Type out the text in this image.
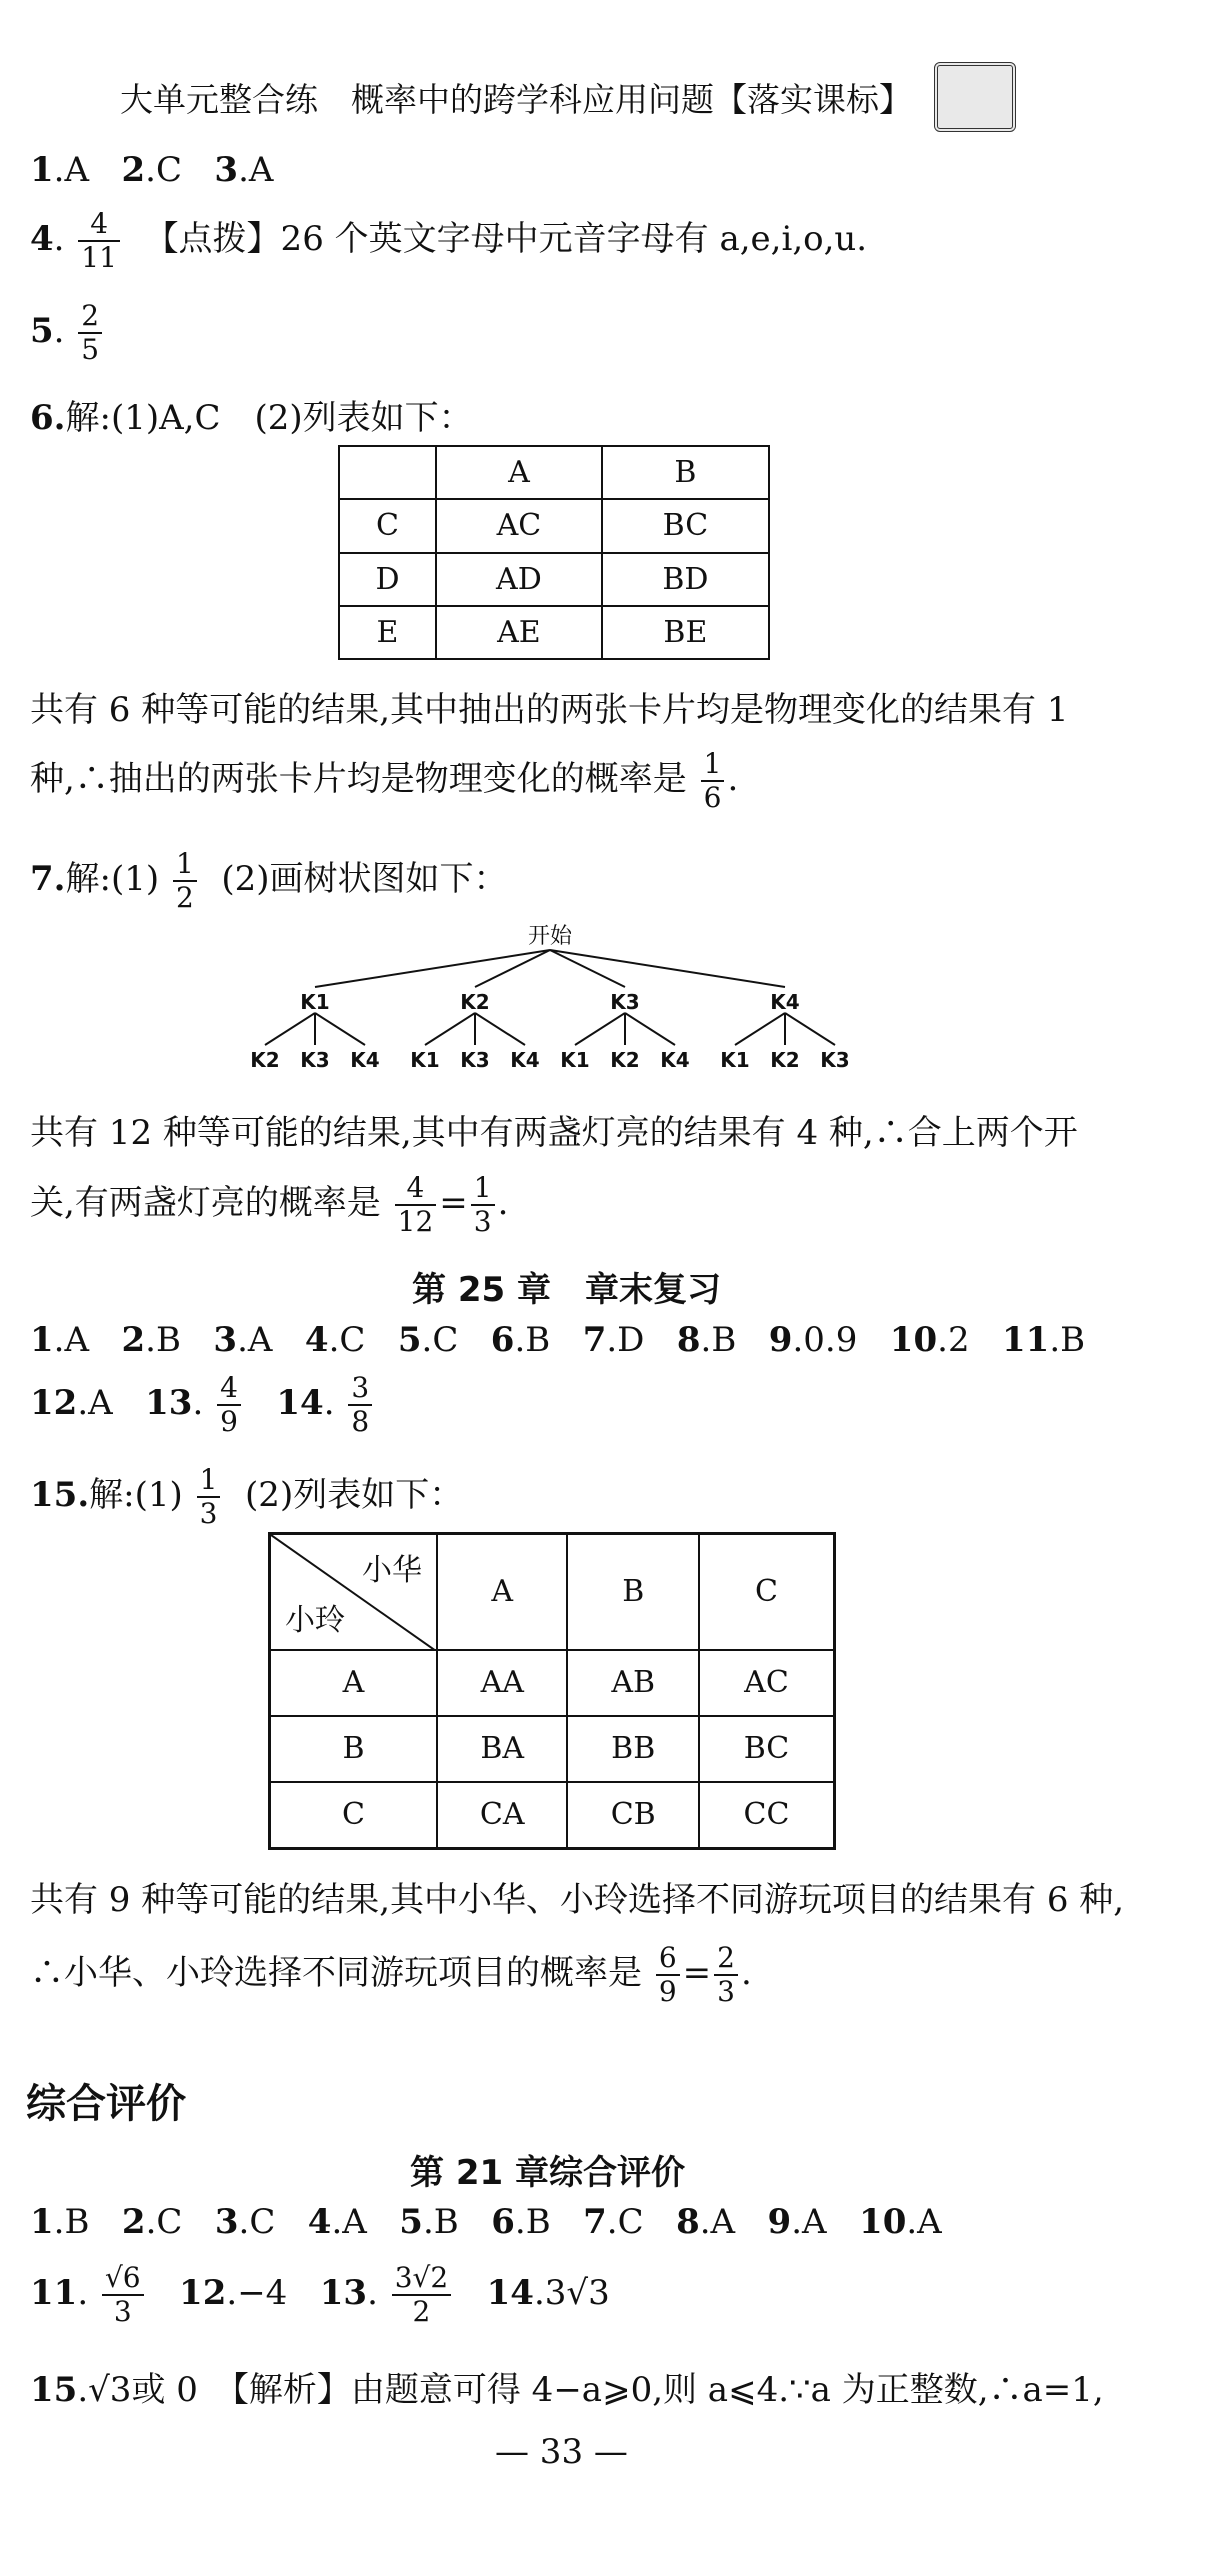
大单元整合练　概率中的跨学科应用问题【落实课标】
1.A 2.C 3.A
4. $\frac{4}{11}$ 【点拨】26 个英文字母中元音字母有 a,e,i,o,u.
5. $\frac{2}{5}$
6.解:(1)A,C　(2)列表如下：
	A	B
C	AC	BC
D	AD	BD
E	AE	BE
共有 6 种等可能的结果,其中抽出的两张卡片均是物理变化的结果有 1
种,∴抽出的两张卡片均是物理变化的概率是 $\frac{1}{6}$ .
7.解:(1) $\frac{1}{2} (2)$画树状图如下：
开始
K1	K2	K3	K4
K2 K3 K4 K1 K3 K4 K1 K2 K4 K1 K2 K3
共有 12 种等可能的结果,其中有两盏灯亮的结果有 4 种,∴合上两个开
关,有两盏灯亮的概率是 $\frac{4}{12} = \frac{1}{3}$ .
第 25 章　章末复习
1.A 2.B 3.A 4.C 5.C 6.B 7.D 8.B 9.0.9 10.2 11.B
12.A 13. $\frac{4}{9} 14$. $\frac{3}{8}$
15.解:(1) $\frac{1}{3} (2)$列表如下：
小华
小玲	A	B	C
A	AA	AB	AC
B	BA	BB	BC
C	CA	CB	CC
共有 9 种等可能的结果,其中小华、小玲选择不同游玩项目的结果有 6 种,
∴小华、小玲选择不同游玩项目的概率是 $\frac{6}{9} = \frac{2}{3}$ .
综合评价
第 21 章综合评价
1.B 2.C 3.C 4.A 5.B 6.B 7.C 8.A 9.A 10.A
11. $\frac{√6}{3} 12.-4$ 13. $\frac{3√2}{2} 14.3√3$
15.√3或 0　【解析】由题意可得 4−a⩾0,则 a⩽4.∵a 为正整数,∴a=1,
— 33 —
